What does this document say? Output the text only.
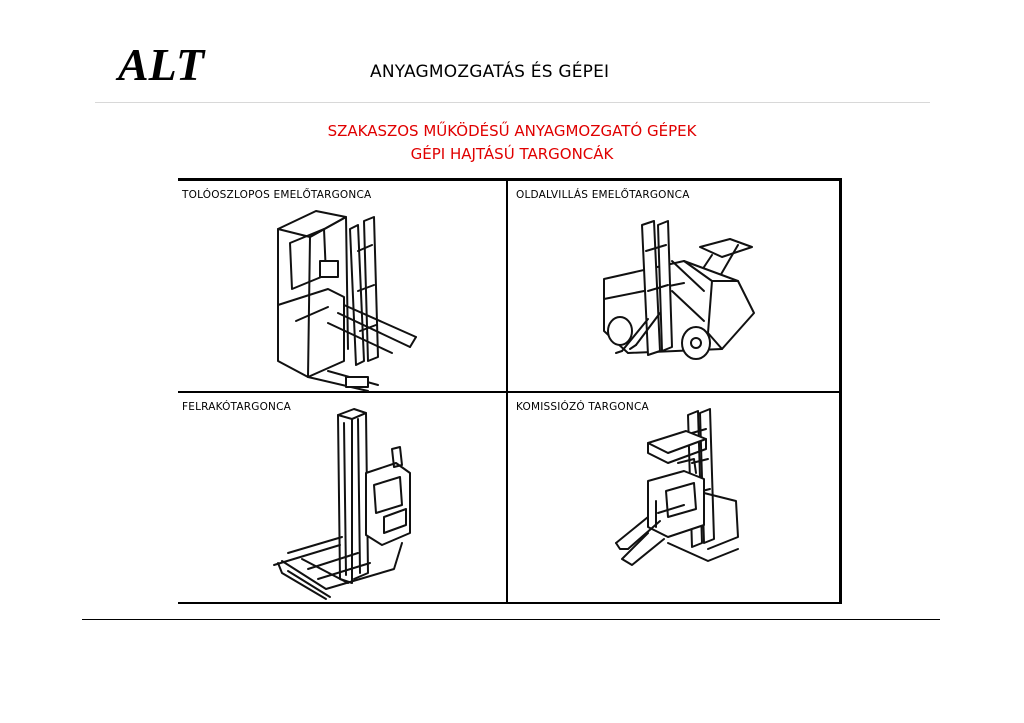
ALT	ANYAGMOZGATÁS ÉS GÉPEI
SZAKASZOS MŰKÖDÉSŰ ANYAGMOZGATÓ GÉPEK
GÉPI HAJTÁSÚ TARGONCÁK
TOLÓOSZLOPOS EMELŐTARGONCA	OLDALVILLÁS EMELŐTARGONCA
FELRAKÓTARGONCA	KOMISSIÓZÓ TARGONCA
